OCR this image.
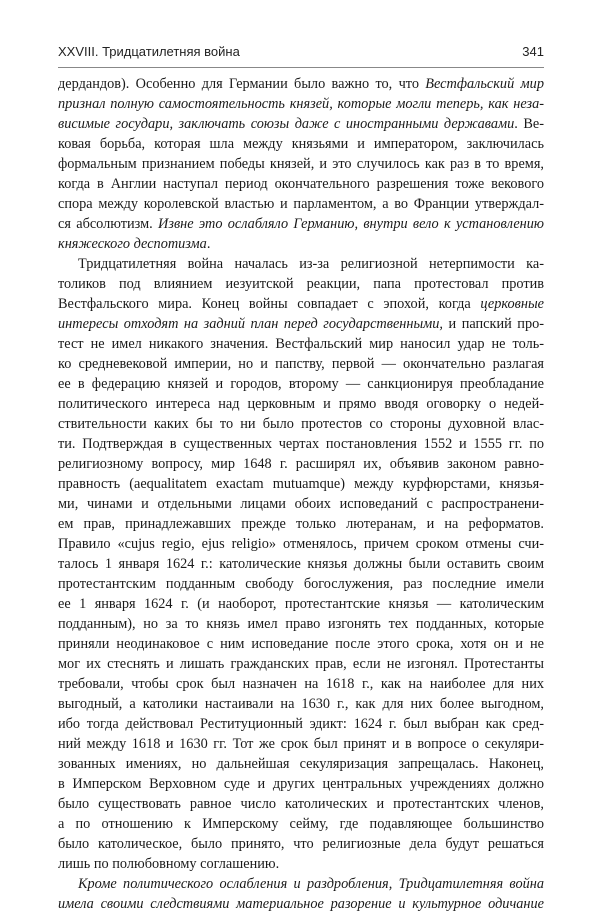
XXVIII. Тридцатилетняя война	341
дердандов). Особенно для Германии было важно то, что Вестфальский мир
признал полную самостоятельность князей, которые могли теперь, как неза-
висимые государи, заключать союзы даже с иностранными державами. Ве-
ковая борьба, которая шла между князьями и императором, заключилась
формальным признанием победы князей, и это случилось как раз в то время,
когда в Англии наступал период окончательного разрешения тоже векового
спора между королевской властью и парламентом, а во Франции утверждал-
ся абсолютизм. Извне это ослабляло Германию, внутри вело к установлению
княжеского деспотизма.
Тридцатилетняя война началась из-за религиозной нетерпимости ка-
толиков под влиянием иезуитской реакции, папа протестовал против
Вестфальского мира. Конец войны совпадает с эпохой, когда церковные
интересы отходят на задний план перед государственными, и папский про-
тест не имел никакого значения. Вестфальский мир наносил удар не толь-
ко средневековой империи, но и папству, первой — окончательно разлагая
ее в федерацию князей и городов, второму — санкционируя преобладание
политического интереса над церковным и прямо вводя оговорку о недей-
ствительности каких бы то ни было протестов со стороны духовной влас-
ти. Подтверждая в существенных чертах постановления 1552 и 1555 гг. по
религиозному вопросу, мир 1648 г. расширял их, объявив законом равно-
правность (aequalitatem exactam mutuamque) между курфюрстами, князья-
ми, чинами и отдельными лицами обоих исповеданий с распространени-
ем прав, принадлежавших прежде только лютеранам, и на реформатов.
Правило «cujus regio, ejus religio» отменялось, причем сроком отмены счи-
талось 1 января 1624 г.: католические князья должны были оставить своим
протестантским подданным свободу богослужения, раз последние имели
ее 1 января 1624 г. (и наоборот, протестантские князья — католическим
подданным), но за то князь имел право изгонять тех подданных, которые
приняли неодинаковое с ним исповедание после этого срока, хотя он и не
мог их стеснять и лишать гражданских прав, если не изгонял. Протестанты
требовали, чтобы срок был назначен на 1618 г., как на наиболее для них
выгодный, а католики настаивали на 1630 г., как для них более выгодном,
ибо тогда действовал Реституционный эдикт: 1624 г. был выбран как сред-
ний между 1618 и 1630 гг. Тот же срок был принят и в вопросе о секуляри-
зованных имениях, но дальнейшая секуляризация запрещалась. Наконец,
в Имперском Верховном суде и других центральных учреждениях должно
было существовать равное число католических и протестантских членов,
а по отношению к Имперскому сейму, где подавляющее большинство
было католическое, было принято, что религиозные дела будут решаться
лишь по полюбовному соглашению.
Кроме политического ослабления и раздробления, Тридцатилетняя война
имела своими следствиями материальное разорение и культурное одичание
